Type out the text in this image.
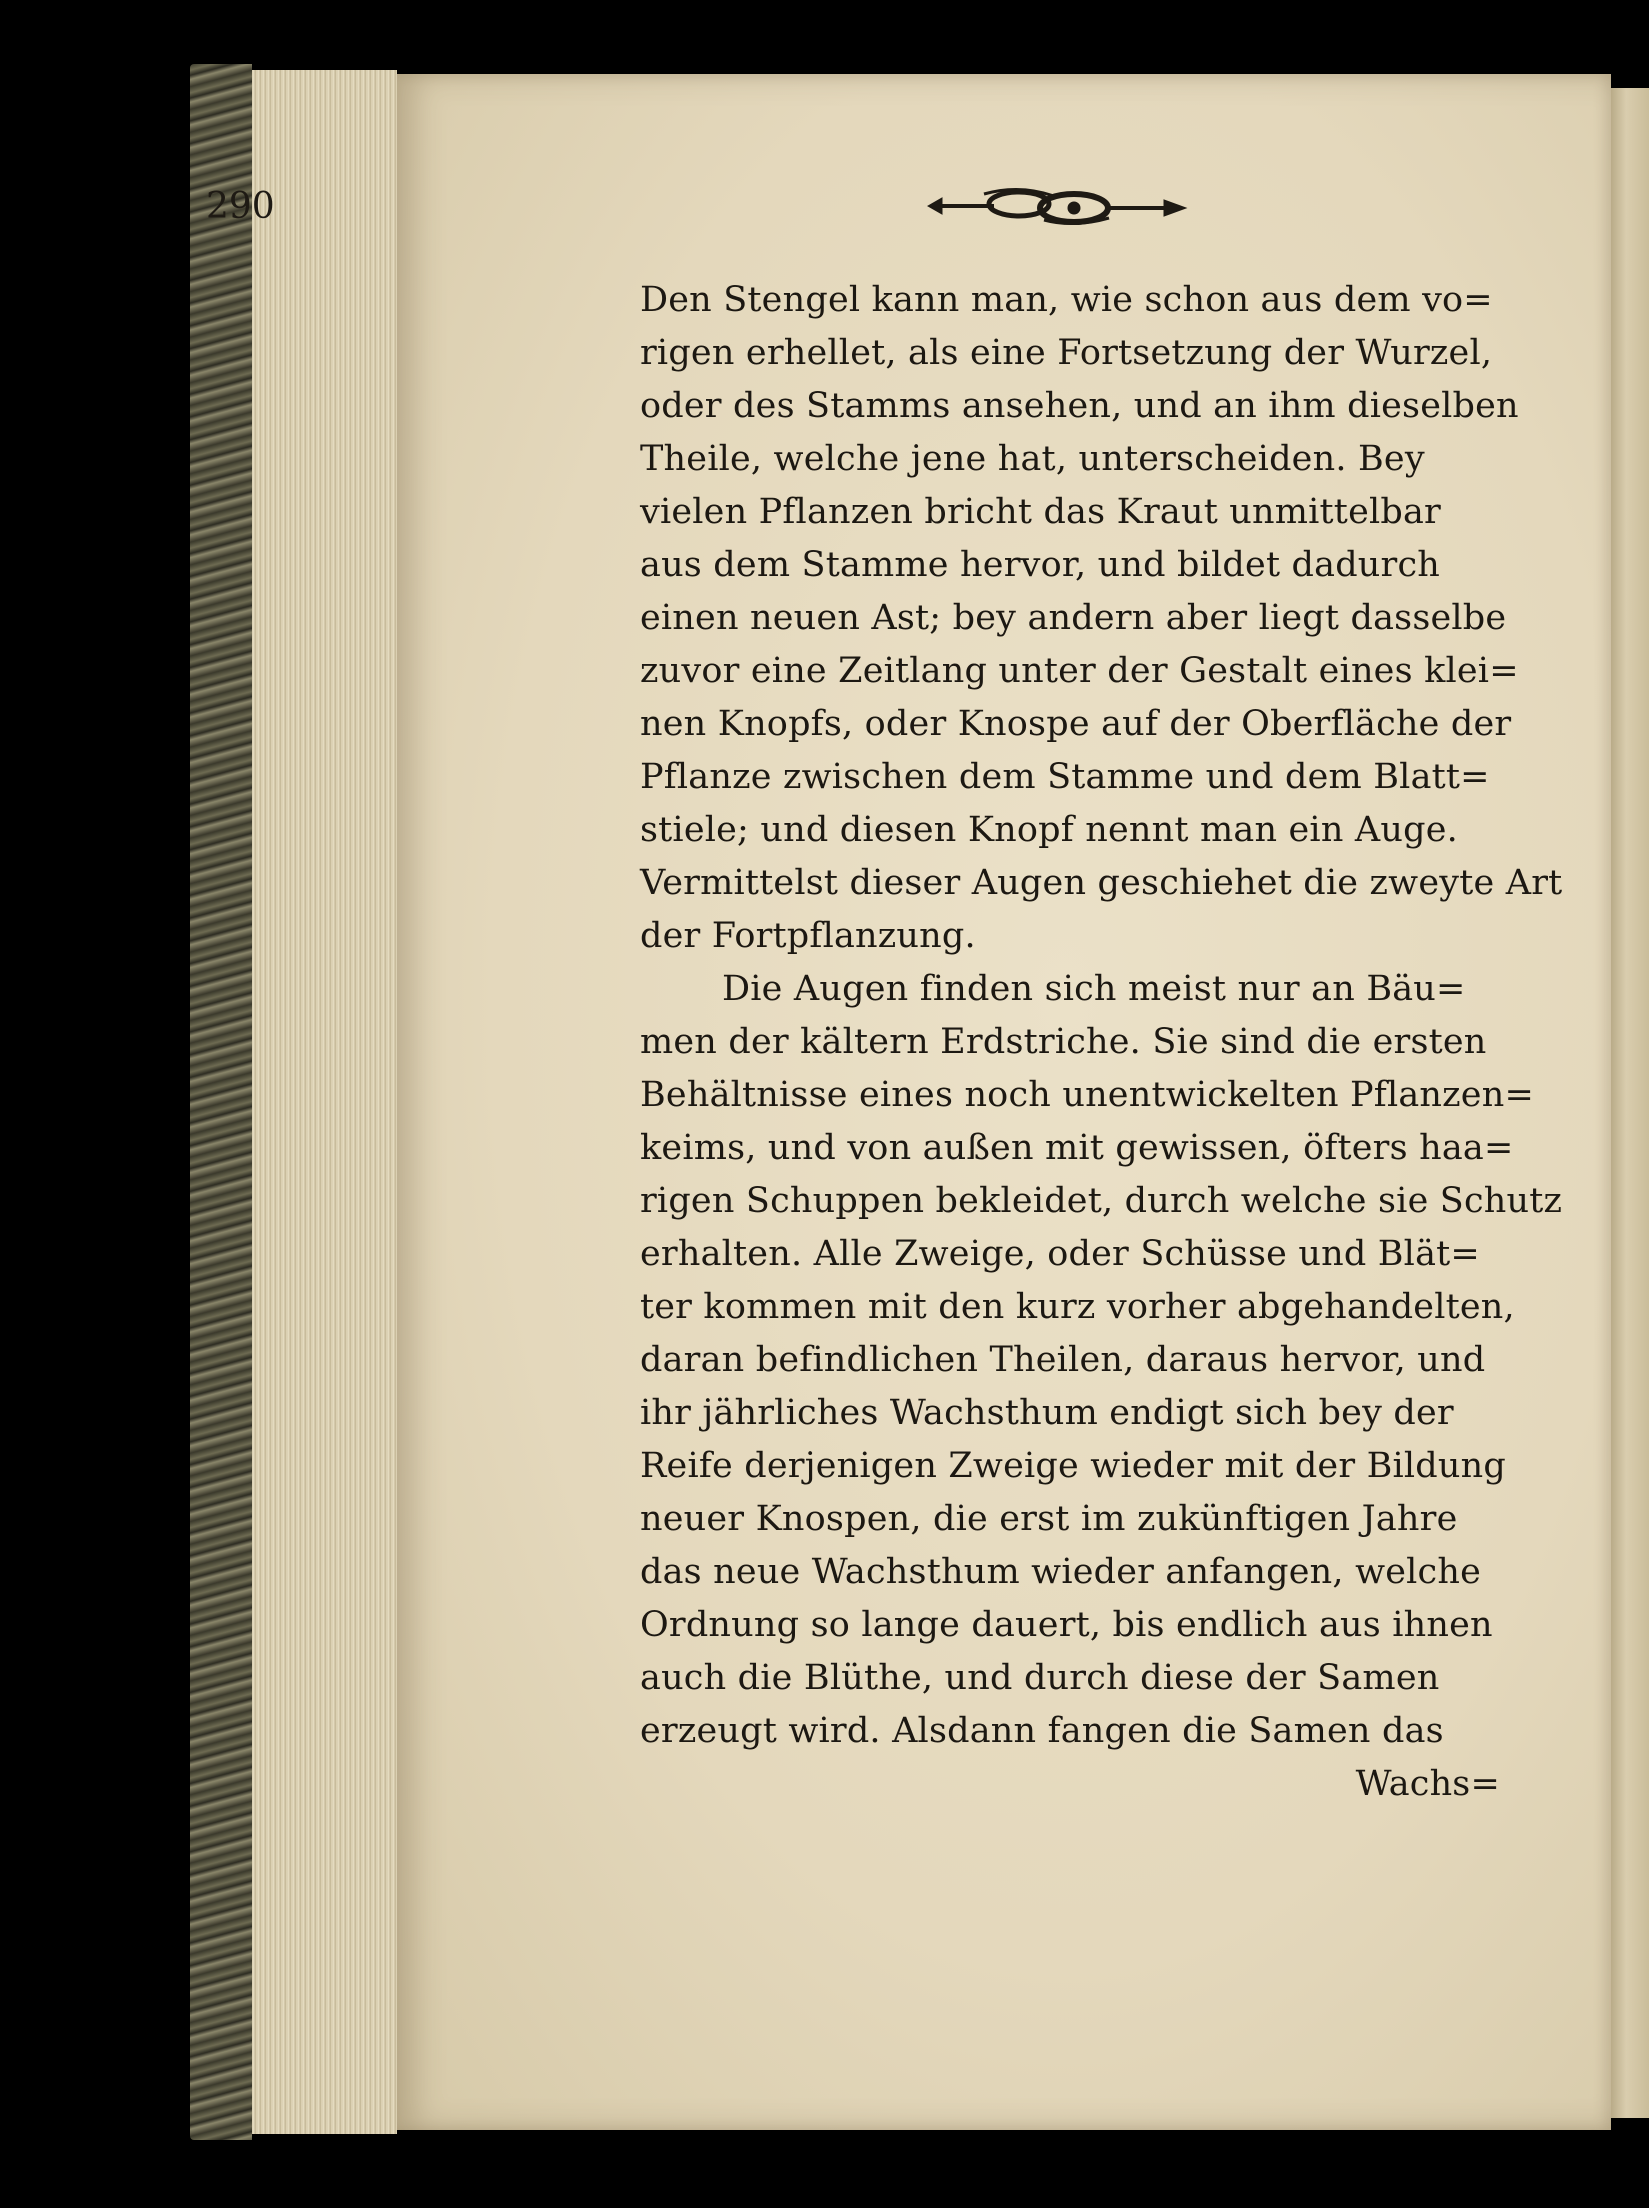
290
Den Stengel kann man, wie schon aus dem vo=
rigen erhellet, als eine Fortsetzung der Wurzel,
oder des Stamms ansehen, und an ihm dieselben
Theile, welche jene hat, unterscheiden. Bey
vielen Pflanzen bricht das Kraut unmittelbar
aus dem Stamme hervor, und bildet dadurch
einen neuen Ast; bey andern aber liegt dasselbe
zuvor eine Zeitlang unter der Gestalt eines klei=
nen Knopfs, oder Knospe auf der Oberfläche der
Pflanze zwischen dem Stamme und dem Blatt=
stiele; und diesen Knopf nennt man ein Auge.
Vermittelst dieser Augen geschiehet die zweyte Art
der Fortpflanzung.
Die Augen finden sich meist nur an Bäu=
men der kältern Erdstriche. Sie sind die ersten
Behältnisse eines noch unentwickelten Pflanzen=
keims, und von außen mit gewissen, öfters haa=
rigen Schuppen bekleidet, durch welche sie Schutz
erhalten. Alle Zweige, oder Schüsse und Blät=
ter kommen mit den kurz vorher abgehandelten,
daran befindlichen Theilen, daraus hervor, und
ihr jährliches Wachsthum endigt sich bey der
Reife derjenigen Zweige wieder mit der Bildung
neuer Knospen, die erst im zukünftigen Jahre
das neue Wachsthum wieder anfangen, welche
Ordnung so lange dauert, bis endlich aus ihnen
auch die Blüthe, und durch diese der Samen
erzeugt wird. Alsdann fangen die Samen das
Wachs=
